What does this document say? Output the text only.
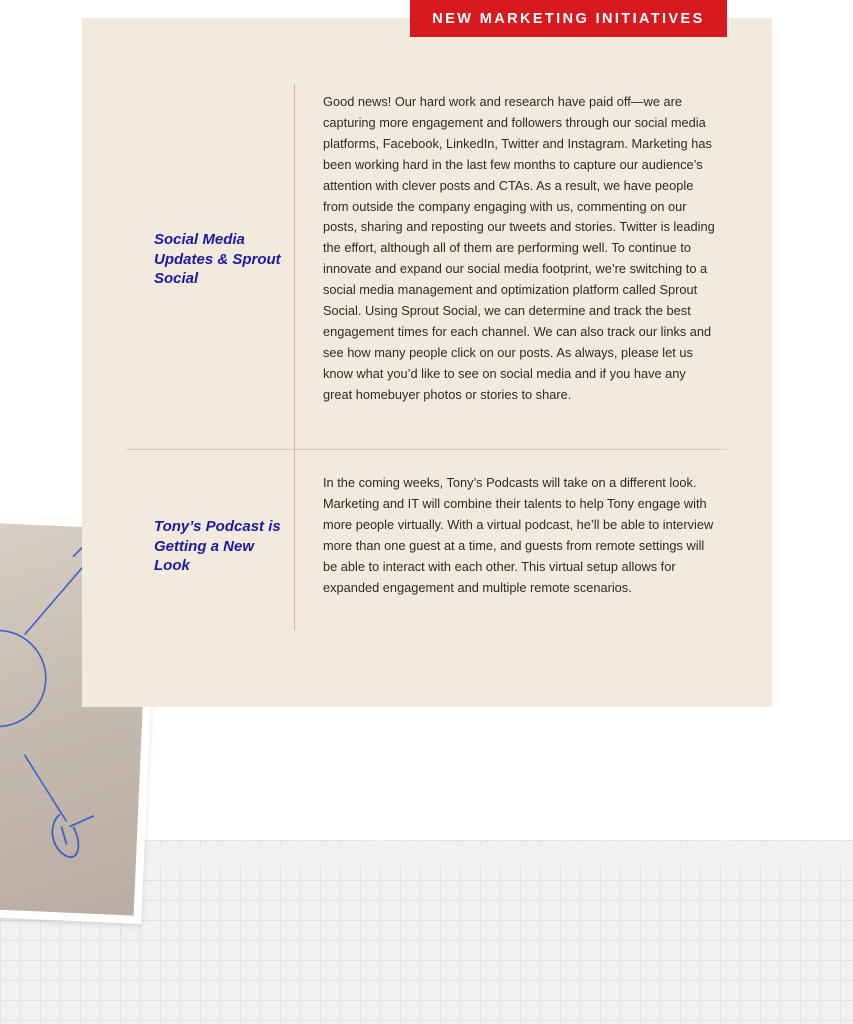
NEW MARKETING INITIATIVES
Social Media Updates & Sprout Social
Good news! Our hard work and research have paid off—we are capturing more engagement and followers through our social media platforms, Facebook, LinkedIn, Twitter and Instagram. Marketing has been working hard in the last few months to capture our audience’s attention with clever posts and CTAs. As a result, we have people from outside the company engaging with us, commenting on our posts, sharing and reposting our tweets and stories. Twitter is leading the effort, although all of them are performing well. To continue to innovate and expand our social media footprint, we’re switching to a social media management and optimization platform called Sprout Social. Using Sprout Social, we can determine and track the best engagement times for each channel. We can also track our links and see how many people click on our posts. As always, please let us know what you’d like to see on social media and if you have any great homebuyer photos or stories to share.
Tony’s Podcast is Getting a New Look
In the coming weeks, Tony’s Podcasts will take on a different look. Marketing and IT will combine their talents to help Tony engage with more people virtually. With a virtual podcast, he’ll be able to interview more than one guest at a time, and guests from remote settings will be able to interact with each other. This virtual setup allows for expanded engagement and multiple remote scenarios.
